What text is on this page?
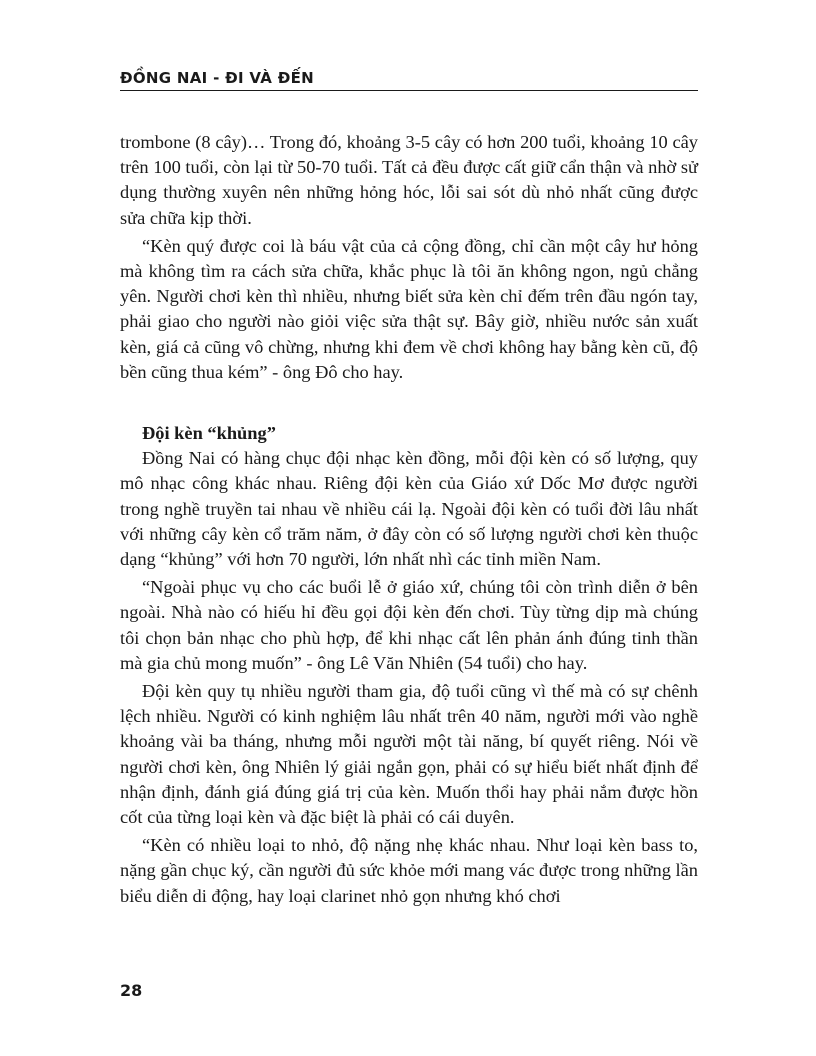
ĐỒNG NAI - ĐI VÀ ĐẾN

trombone (8 cây)… Trong đó, khoảng 3-5 cây có hơn 200 tuổi, khoảng 10 cây trên 100 tuổi, còn lại từ 50-70 tuổi. Tất cả đều được cất giữ cẩn thận và nhờ sử dụng thường xuyên nên những hỏng hóc, lỗi sai sót dù nhỏ nhất cũng được sửa chữa kịp thời.

“Kèn quý được coi là báu vật của cả cộng đồng, chỉ cần một cây hư hỏng mà không tìm ra cách sửa chữa, khắc phục là tôi ăn không ngon, ngủ chẳng yên. Người chơi kèn thì nhiều, nhưng biết sửa kèn chỉ đếm trên đầu ngón tay, phải giao cho người nào giỏi việc sửa thật sự. Bây giờ, nhiều nước sản xuất kèn, giá cả cũng vô chừng, nhưng khi đem về chơi không hay bằng kèn cũ, độ bền cũng thua kém” - ông Đô cho hay.

Đội kèn “khủng”

Đồng Nai có hàng chục đội nhạc kèn đồng, mỗi đội kèn có số lượng, quy mô nhạc công khác nhau. Riêng đội kèn của Giáo xứ Dốc Mơ được người trong nghề truyền tai nhau về nhiều cái lạ. Ngoài đội kèn có tuổi đời lâu nhất với những cây kèn cổ trăm năm, ở đây còn có số lượng người chơi kèn thuộc dạng “khủng” với hơn 70 người, lớn nhất nhì các tỉnh miền Nam.

“Ngoài phục vụ cho các buổi lễ ở giáo xứ, chúng tôi còn trình diễn ở bên ngoài. Nhà nào có hiếu hỉ đều gọi đội kèn đến chơi. Tùy từng dịp mà chúng tôi chọn bản nhạc cho phù hợp, để khi nhạc cất lên phản ánh đúng tinh thần mà gia chủ mong muốn” - ông Lê Văn Nhiên (54 tuổi) cho hay.

Đội kèn quy tụ nhiều người tham gia, độ tuổi cũng vì thế mà có sự chênh lệch nhiều. Người có kinh nghiệm lâu nhất trên 40 năm, người mới vào nghề khoảng vài ba tháng, nhưng mỗi người một tài năng, bí quyết riêng. Nói về người chơi kèn, ông Nhiên lý giải ngắn gọn, phải có sự hiểu biết nhất định để nhận định, đánh giá đúng giá trị của kèn. Muốn thổi hay phải nắm được hồn cốt của từng loại kèn và đặc biệt là phải có cái duyên.

“Kèn có nhiều loại to nhỏ, độ nặng nhẹ khác nhau. Như loại kèn bass to, nặng gần chục ký, cần người đủ sức khỏe mới mang vác được trong những lần biểu diễn di động, hay loại clarinet nhỏ gọn nhưng khó chơi

28
